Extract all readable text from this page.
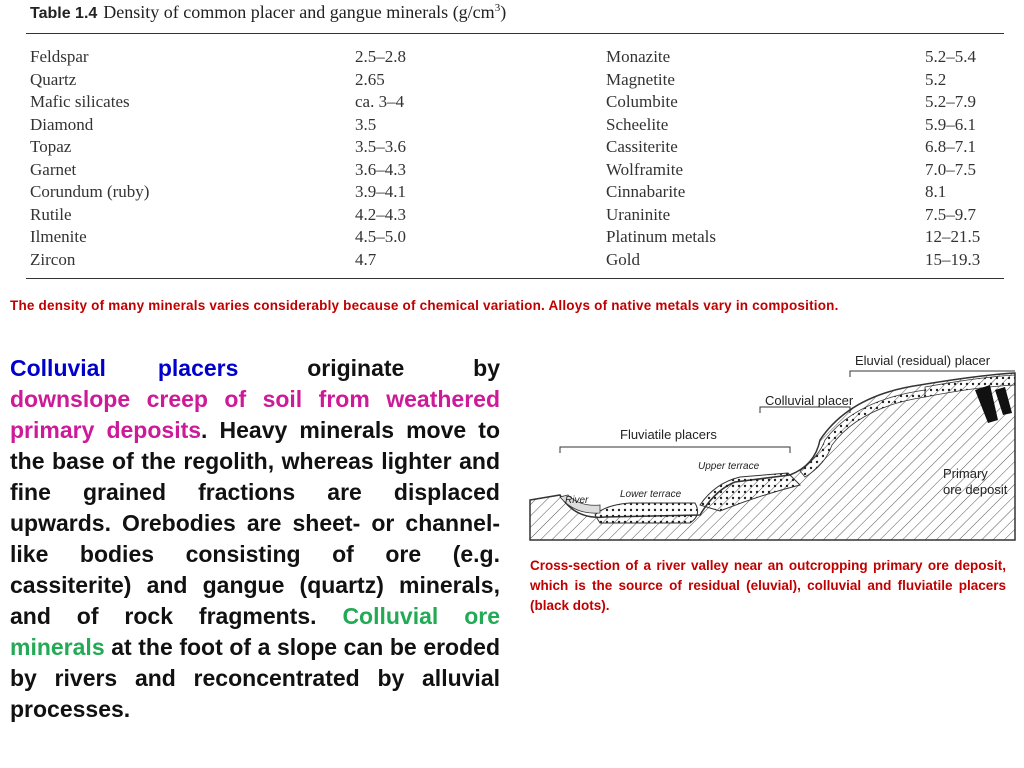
Table 1.4 Density of common placer and gangue minerals $(g/cm^3)$
Feldspar	2.5–2.8
Quartz	2.65
Mafic silicates	ca. 3–4
Diamond	3.5
Topaz	3.5–3.6
Garnet	3.6–4.3
Corundum (ruby)	3.9–4.1
Rutile	4.2–4.3
Ilmenite	4.5–5.0
Zircon	4.7
Monazite	5.2–5.4
Magnetite	5.2
Columbite	5.2–7.9
Scheelite	5.9–6.1
Cassiterite	6.8–7.1
Wolframite	7.0–7.5
Cinnabarite	8.1
Uraninite	7.5–9.7
Platinum metals	12–21.5
Gold	15–19.3
The density of many minerals varies considerably because of chemical variation. Alloys of native metals vary in composition.
Colluvial placers originate by downslope creep of soil from weathered primary deposits. Heavy minerals move to the base of the regolith, whereas lighter and fine grained fractions are displaced upwards. Orebodies are sheet- or channel-like bodies consisting of ore (e.g. cassiterite) and gangue (quartz) minerals, and of rock fragments. Colluvial ore minerals at the foot of a slope can be eroded by rivers and reconcentrated by alluvial processes.
Eluvial (residual) placer
Colluvial placer
Fluviatile placers
Upper terrace
Lower terrace
River
Primary
ore deposit
Cross-section of a river valley near an outcropping primary ore deposit, which is the source of residual (eluvial), colluvial and fluviatile placers (black dots).
